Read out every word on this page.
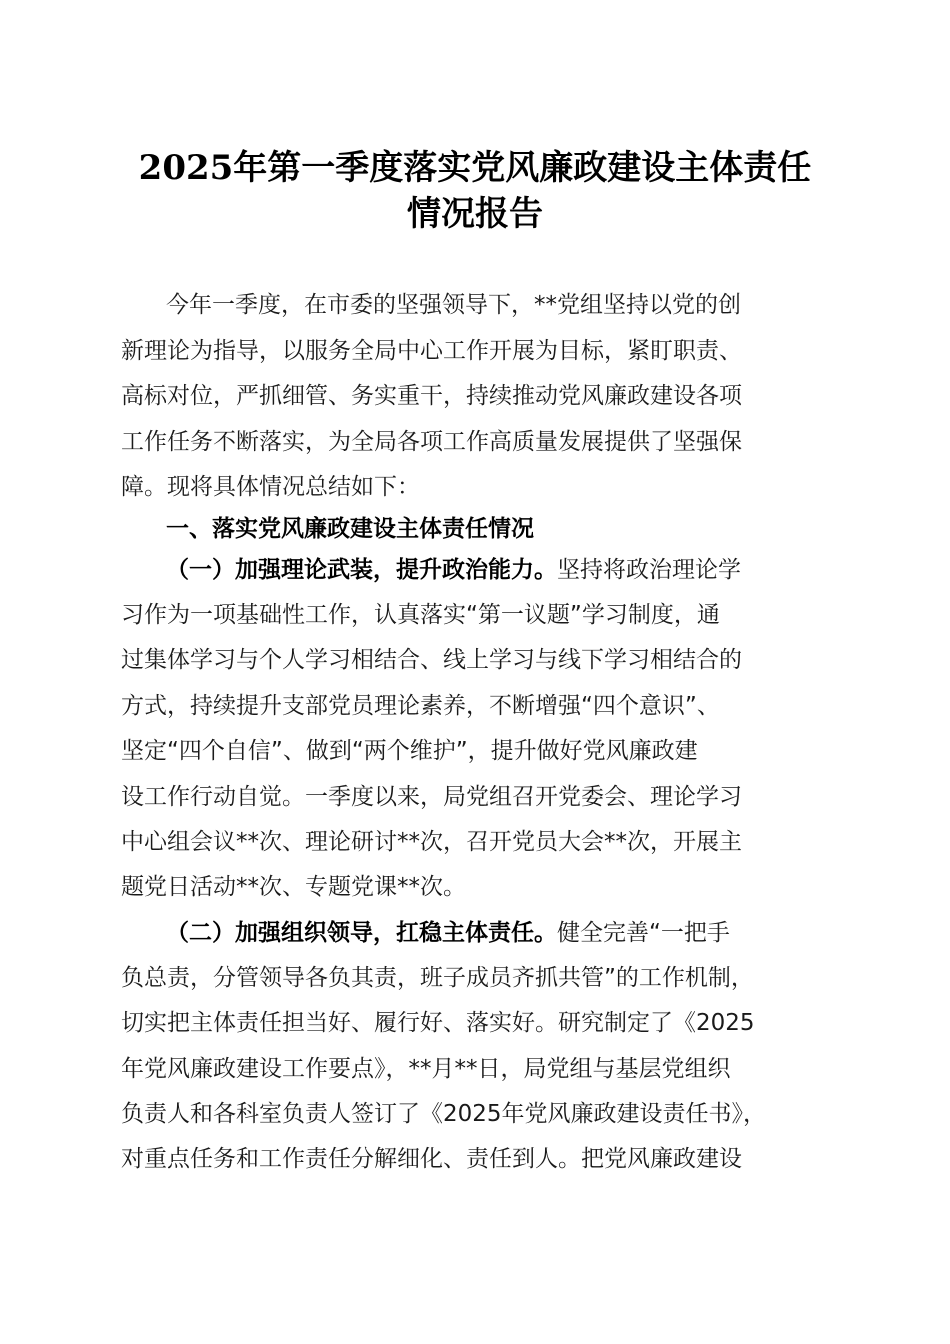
2025年第一季度落实党风廉政建设主体责任
情况报告
今年一季度，在市委的坚强领导下，**党组坚持以党的创
新理论为指导，以服务全局中心工作开展为目标，紧盯职责、
高标对位，严抓细管、务实重干，持续推动党风廉政建设各项
工作任务不断落实，为全局各项工作高质量发展提供了坚强保
障。现将具体情况总结如下：
一、落实党风廉政建设主体责任情况
（一）加强理论武装，提升政治能力。坚持将政治理论学
习作为一项基础性工作，认真落实“第一议题”学习制度，通
过集体学习与个人学习相结合、线上学习与线下学习相结合的
方式，持续提升支部党员理论素养，不断增强“四个意识”、
坚定“四个自信”、做到“两个维护”，提升做好党风廉政建
设工作行动自觉。一季度以来，局党组召开党委会、理论学习
中心组会议**次、理论研讨**次，召开党员大会**次，开展主
题党日活动**次、专题党课**次。
（二）加强组织领导，扛稳主体责任。健全完善“一把手
负总责，分管领导各负其责，班子成员齐抓共管”的工作机制，
切实把主体责任担当好、履行好、落实好。研究制定了《2025
年党风廉政建设工作要点》，**月**日，局党组与基层党组织
负责人和各科室负责人签订了《2025年党风廉政建设责任书》，
对重点任务和工作责任分解细化、责任到人。把党风廉政建设
